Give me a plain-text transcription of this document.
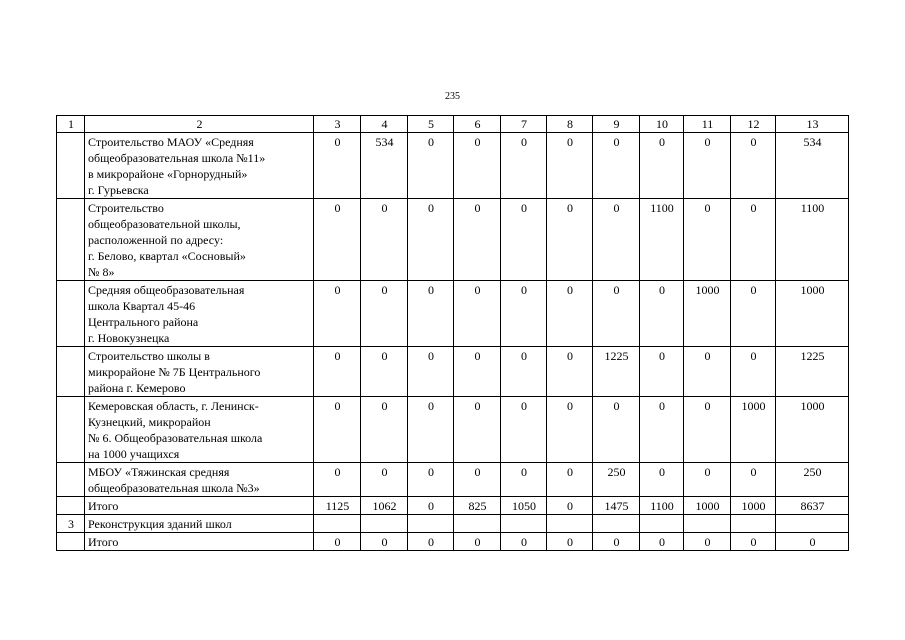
235
1	2	3	4	5	6	7	8	9	10	11	12	13

	Строительство МАОУ «Средняя
общеобразовательная школа №11»
в микрорайоне «Горнорудный»
г. Гурьевска	0	534	0	0	0	0	0	0	0	0	534

	Строительство
общеобразовательной школы,
расположенной по адресу:
г. Белово, квартал «Сосновый»
№ 8»	0	0	0	0	0	0	0	1100	0	0	1100

	Средняя общеобразовательная
школа Квартал 45-46
Центрального района
г. Новокузнецка	0	0	0	0	0	0	0	0	1000	0	1000

	Строительство школы в
микрорайоне № 7Б Центрального
района г. Кемерово	0	0	0	0	0	0	1225	0	0	0	1225

	Кемеровская область, г. Ленинск-
Кузнецкий, микрорайон
№ 6. Общеобразовательная школа
на 1000 учащихся	0	0	0	0	0	0	0	0	0	1000	1000

	МБОУ «Тяжинская средняя
общеобразовательная школа №3»	0	0	0	0	0	0	250	0	0	0	250

	Итого	1125	1062	0	825	1050	0	1475	1100	1000	1000	8637
3	Реконструкция зданий школ											

	Итого	0	0	0	0	0	0	0	0	0	0	0
